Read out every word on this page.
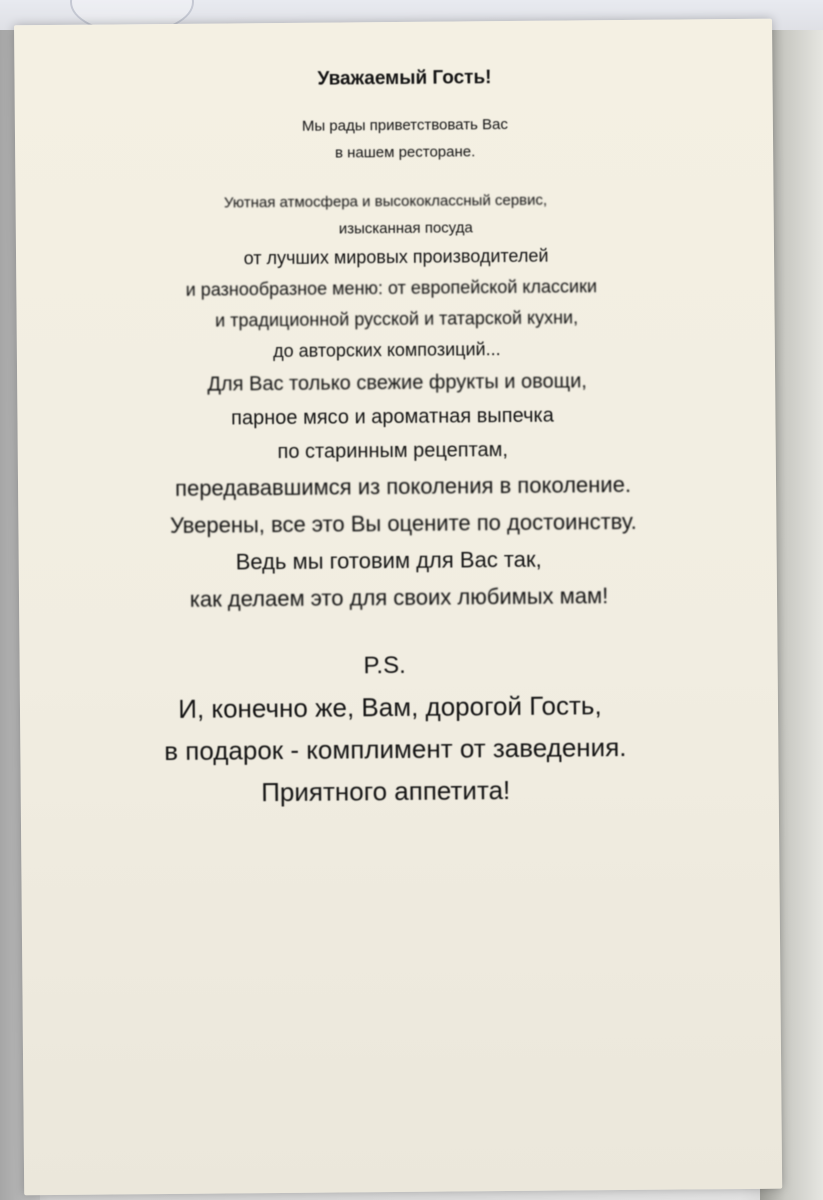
Уважаемый Гость!
Мы рады приветствовать Вас
в нашем ресторане.
Уютная атмосфера и высококлассный сервис,
изысканная посуда
от лучших мировых производителей
и разнообразное меню: от европейской классики
и традиционной русской и татарской кухни,
до авторских композиций...
Для Вас только свежие фрукты и овощи,
парное мясо и ароматная выпечка
по старинным рецептам,
передававшимся из поколения в поколение.
Уверены, все это Вы оцените по достоинству.
Ведь мы готовим для Вас так,
как делаем это для своих любимых мам!
P.S.
И, конечно же, Вам, дорогой Гость,
в подарок - комплимент от заведения.
Приятного аппетита!
